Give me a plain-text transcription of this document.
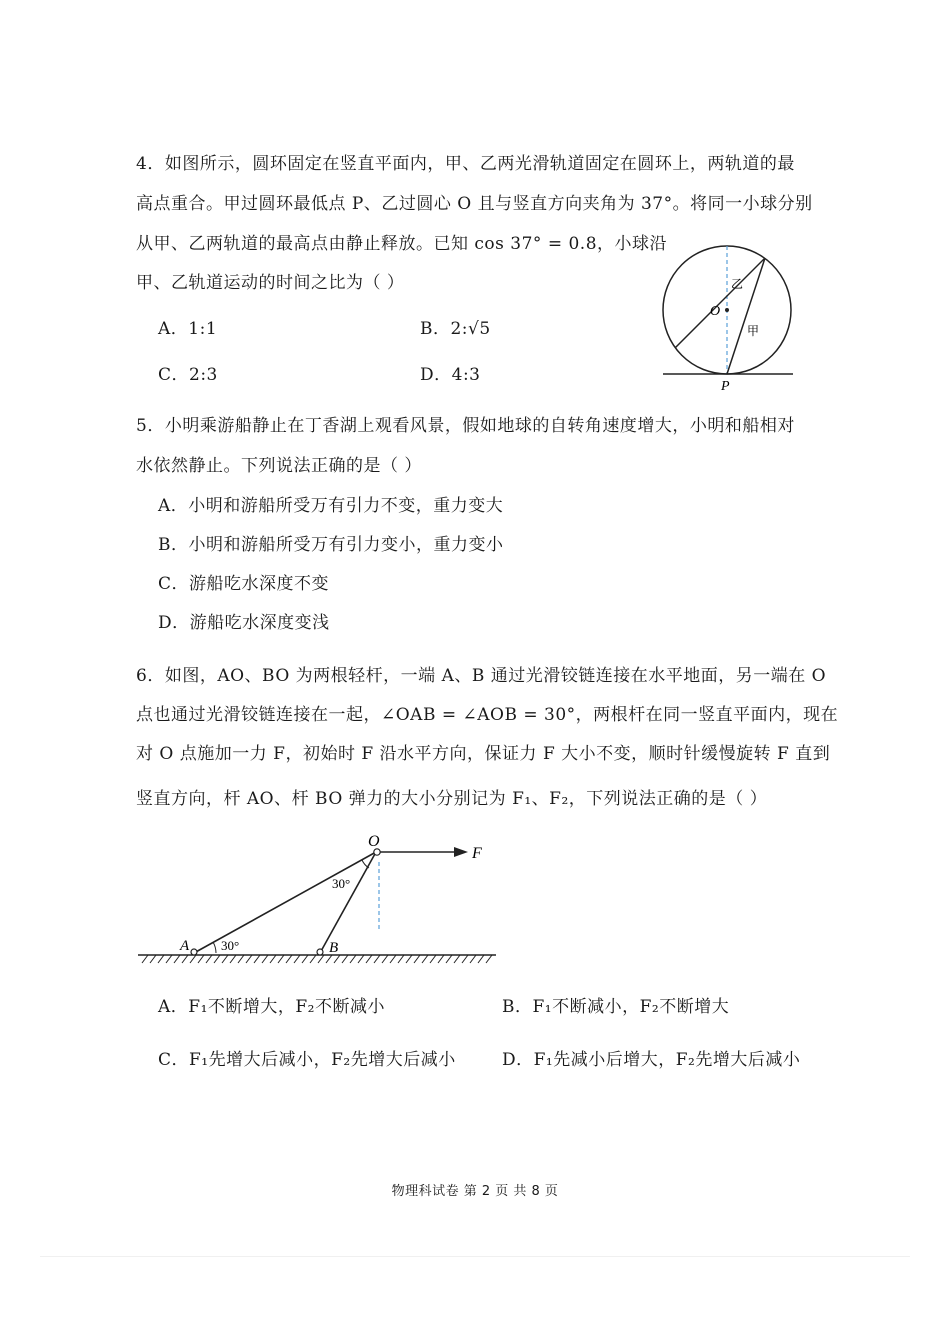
4．如图所示，圆环固定在竖直平面内，甲、乙两光滑轨道固定在圆环上，两轨道的最
高点重合。甲过圆环最低点 P、乙过圆心 O 且与竖直方向夹角为 37°。将同一小球分别
从甲、乙两轨道的最高点由静止释放。已知 cos 37° = 0.8，小球沿
甲、乙轨道运动的时间之比为（ ）
A．1:1	B．2:√5
C．2:3	D．4:3
O
P
乙
甲
5．小明乘游船静止在丁香湖上观看风景，假如地球的自转角速度增大，小明和船相对
水依然静止。下列说法正确的是（ ）
A．小明和游船所受万有引力不变，重力变大
B．小明和游船所受万有引力变小，重力变小
C．游船吃水深度不变
D．游船吃水深度变浅
6．如图，AO、BO 为两根轻杆，一端 A、B 通过光滑铰链连接在水平地面，另一端在 O
点也通过光滑铰链连接在一起，∠OAB = ∠AOB = 30°，两根杆在同一竖直平面内，现在
对 O 点施加一力 F，初始时 F 沿水平方向，保证力 F 大小不变，顺时针缓慢旋转 F 直到
竖直方向，杆 AO、杆 BO 弹力的大小分别记为 F₁、F₂，下列说法正确的是（ ）
O
F
A	B
30°
30°
A．F₁不断增大，F₂不断减小	B．F₁不断减小，F₂不断增大
C．F₁先增大后减小，F₂先增大后减小	D．F₁先减小后增大，F₂先增大后减小
物理科试卷 第 2 页 共 8 页
